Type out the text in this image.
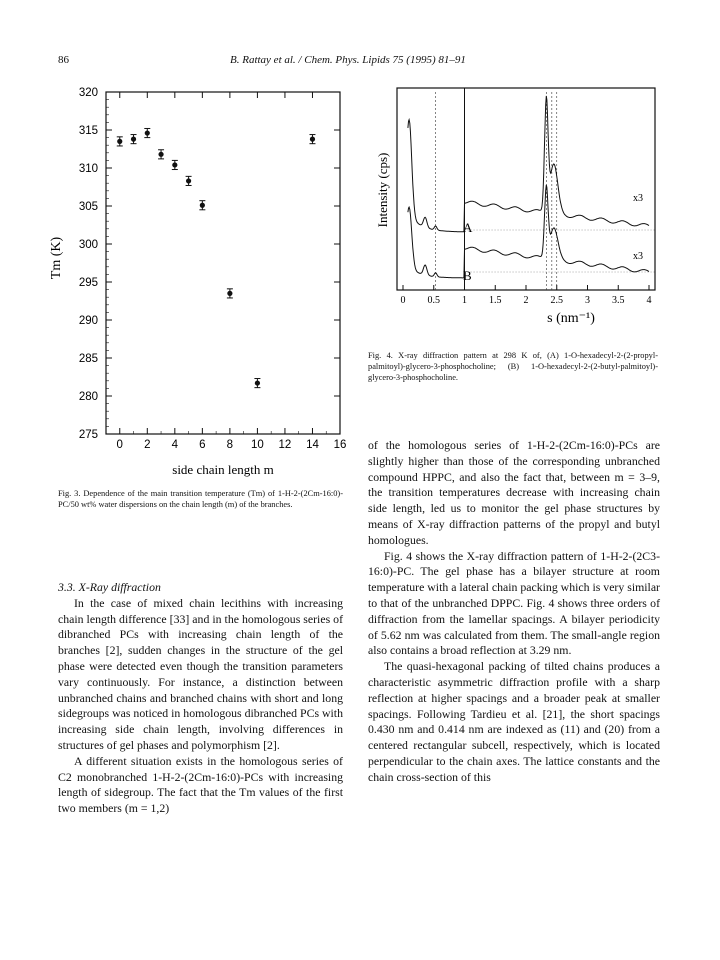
86	B. Rattay et al. / Chem. Phys. Lipids 75 (1995) 81–91
275
280
285
290
295
300
305
310
315
320
0 2 4 6 8 10 12 14 16
side chain length m
Tm (K)
Fig. 3. Dependence of the main transition temperature (Tm) of 1-H-2-(2Cm-16:0)-PC/50 wt% water dispersions on the chain length (m) of the branches.
0 0.5 1 1.5 2 2.5 3 3.5 4
A
B
x3
x3
s (nm⁻¹)
Intensity (cps)
Fig. 4. X-ray diffraction pattern at 298 K of, (A) 1-O-hexadecyl-2-(2-propyl-palmitoyl)-glycero-3-phosphocholine; (B) 1-O-hexadecyl-2-(2-butyl-palmitoyl)-glycero-3-phosphocholine.

3.3. X-Ray diffraction

In the case of mixed chain lecithins with increasing chain length difference [33] and in the homologous series of dibranched PCs with increasing chain length of the branches [2], sudden changes in the structure of the gel phase were detected even though the transition parameters vary continuously. For instance, a distinction between unbranched chains and branched chains with short and long sidegroups was noticed in homologous dibranched PCs with increasing side chain length, involving differences in structures of gel phases and polymorphism [2].

A different situation exists in the homologous series of C2 monobranched 1-H-2-(2Cm-16:0)-PCs with increasing length of sidegroup. The fact that the Tm values of the first two members (m = 1,2)

of the homologous series of 1-H-2-(2Cm-16:0)-PCs are slightly higher than those of the corresponding unbranched compound HPPC, and also the fact that, between m = 3–9, the transition temperatures decrease with increasing chain side length, led us to monitor the gel phase structures by means of X-ray diffraction patterns of the propyl and butyl homologues.

Fig. 4 shows the X-ray diffraction pattern of 1-H-2-(2C3-16:0)-PC. The gel phase has a bilayer structure at room temperature with a lateral chain packing which is very similar to that of the unbranched DPPC. Fig. 4 shows three orders of diffraction from the lamellar spacings. A bilayer periodicity of 5.62 nm was calculated from them. The small-angle region also contains a broad reflection at 3.29 nm.

The quasi-hexagonal packing of tilted chains produces a characteristic asymmetric diffraction profile with a sharp reflection at higher spacings and a broader peak at smaller spacings. Following Tardieu et al. [21], the short spacings 0.430 nm and 0.414 nm are indexed as (11) and (20) from a centered rectangular subcell, respectively, which is located perpendicular to the chain axes. The lattice constants and the chain cross-section of this
